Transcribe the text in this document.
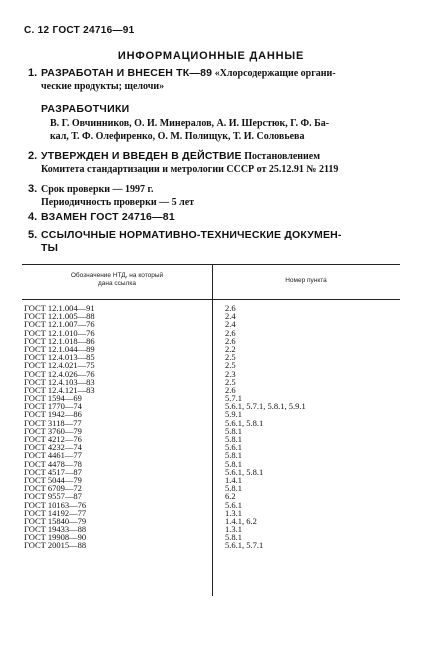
С. 12 ГОСТ 24716—91
ИНФОРМАЦИОННЫЕ ДАННЫЕ
1. РАЗРАБОТАН И ВНЕСЕН ТК—89 «Хлорсодержащие органи-
ческие продукты; щелочи»
РАЗРАБОТЧИКИ
В. Г. Овчинников, О. И. Минералов, А. И. Шерстюк, Г. Ф. Ба-
кал, Т. Ф. Олефиренко, О. М. Полищук, Т. И. Соловьева
2. УТВЕРЖДЕН И ВВЕДЕН В ДЕЙСТВИЕ Постановлением
Комитета стандартизации и метрологии СССР от 25.12.91 № 2119
3. Срок проверки — 1997 г.
Периодичность проверки — 5 лет
4. ВЗАМЕН ГОСТ 24716—81
5. ССЫЛОЧНЫЕ НОРМАТИВНО-ТЕХНИЧЕСКИЕ ДОКУМЕН-
ТЫ
Обозначение НТД, на который
дана ссылка	Номер пункта
ГОСТ 12.1.004—91	2.6
ГОСТ 12.1.005—88	2.4
ГОСТ 12.1.007—76	2.4
ГОСТ 12.1.010—76	2.6
ГОСТ 12.1.018—86	2.6
ГОСТ 12.1.044—89	2.2
ГОСТ 12.4.013—85	2.5
ГОСТ 12.4.021—75	2.5
ГОСТ 12.4.026—76	2.3
ГОСТ 12.4.103—83	2.5
ГОСТ 12.4.121—83	2.6
ГОСТ 1594—69	5.7.1
ГОСТ 1770—74	5.6.1, 5.7.1, 5.8.1, 5.9.1
ГОСТ 1942—86	5.9.1
ГОСТ 3118—77	5.6.1, 5.8.1
ГОСТ 3760—79	5.8.1
ГОСТ 4212—76	5.8.1
ГОСТ 4232—74	5.6.1
ГОСТ 4461—77	5.8.1
ГОСТ 4478—78	5.8.1
ГОСТ 4517—87	5.6.1, 5.8.1
ГОСТ 5044—79	1.4.1
ГОСТ 6709—72	5.8.1
ГОСТ 9557—87	6.2
ГОСТ 10163—76	5.6.1
ГОСТ 14192—77	1.3.1
ГОСТ 15840—79	1.4.1, 6.2
ГОСТ 19433—88	1.3.1
ГОСТ 19908—90	5.8.1
ГОСТ 20015—88	5.6.1, 5.7.1
